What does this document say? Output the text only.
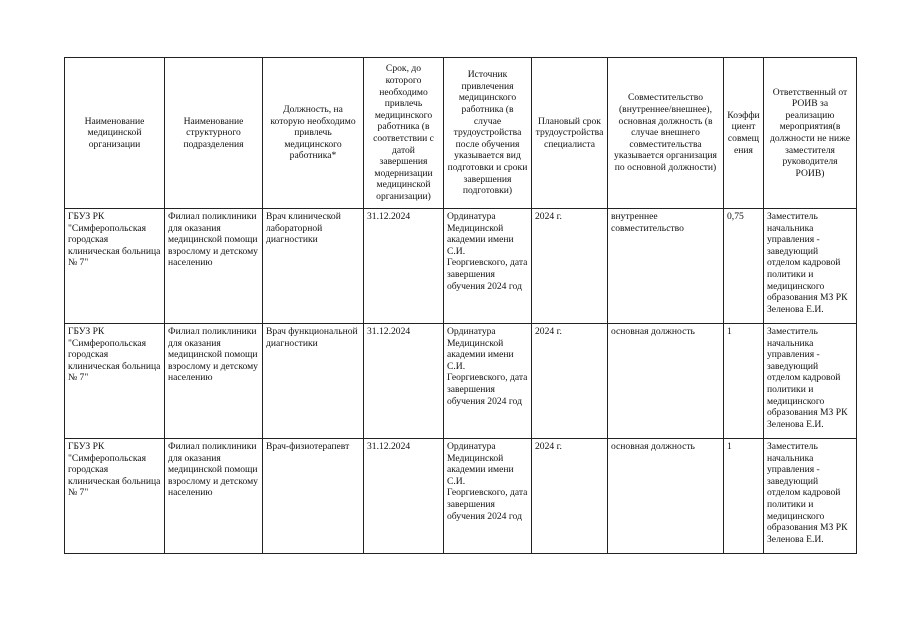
Наименование медицинской организации	Наименование структурного подразделения	Должность, на которую необходимо привлечь медицинского работника*	Срок, до которого необходимо привлечь медицинского работника (в соответствии с датой завершения модернизации медицинской организации)	Источник привлечения медицинского работника (в случае трудоустройства после обучения указывается вид подготовки и сроки завершения подготовки)	Плановый срок трудоустройства специалиста	Совместительство (внутреннее/внешнее), основная должность (в случае внешнего совместительства указывается организация по основной должности)	Коэффициент совмещения	Ответственный от РОИВ за реализацию мероприятия(в должности не ниже заместителя руководителя РОИВ)
ГБУЗ РК "Симферопольская городская клиническая больница № 7"	Филиал поликлиники для оказания медицинской помощи взрослому и детскому населению	Врач клинической лабораторной диагностики	31.12.2024	Ординатура Медицинской академии имени С.И. Георгиевского, дата завершения обучения 2024 год	2024 г.	внутреннее совместительство	0,75	Заместитель начальника управления - заведующий отделом кадровой политики и медицинского образования МЗ РК Зеленова Е.И.
ГБУЗ РК "Симферопольская городская клиническая больница № 7"	Филиал поликлиники для оказания медицинской помощи взрослому и детскому населению	Врач функциональной диагностики	31.12.2024	Ординатура Медицинской академии имени С.И. Георгиевского, дата завершения обучения 2024 год	2024 г.	основная должность	1	Заместитель начальника управления - заведующий отделом кадровой политики и медицинского образования МЗ РК Зеленова Е.И.
ГБУЗ РК "Симферопольская городская клиническая больница № 7"	Филиал поликлиники для оказания медицинской помощи взрослому и детскому населению	Врач-физиотерапевт	31.12.2024	Ординатура Медицинской академии имени С.И. Георгиевского, дата завершения обучения 2024 год	2024 г.	основная должность	1	Заместитель начальника управления - заведующий отделом кадровой политики и медицинского образования МЗ РК Зеленова Е.И.
